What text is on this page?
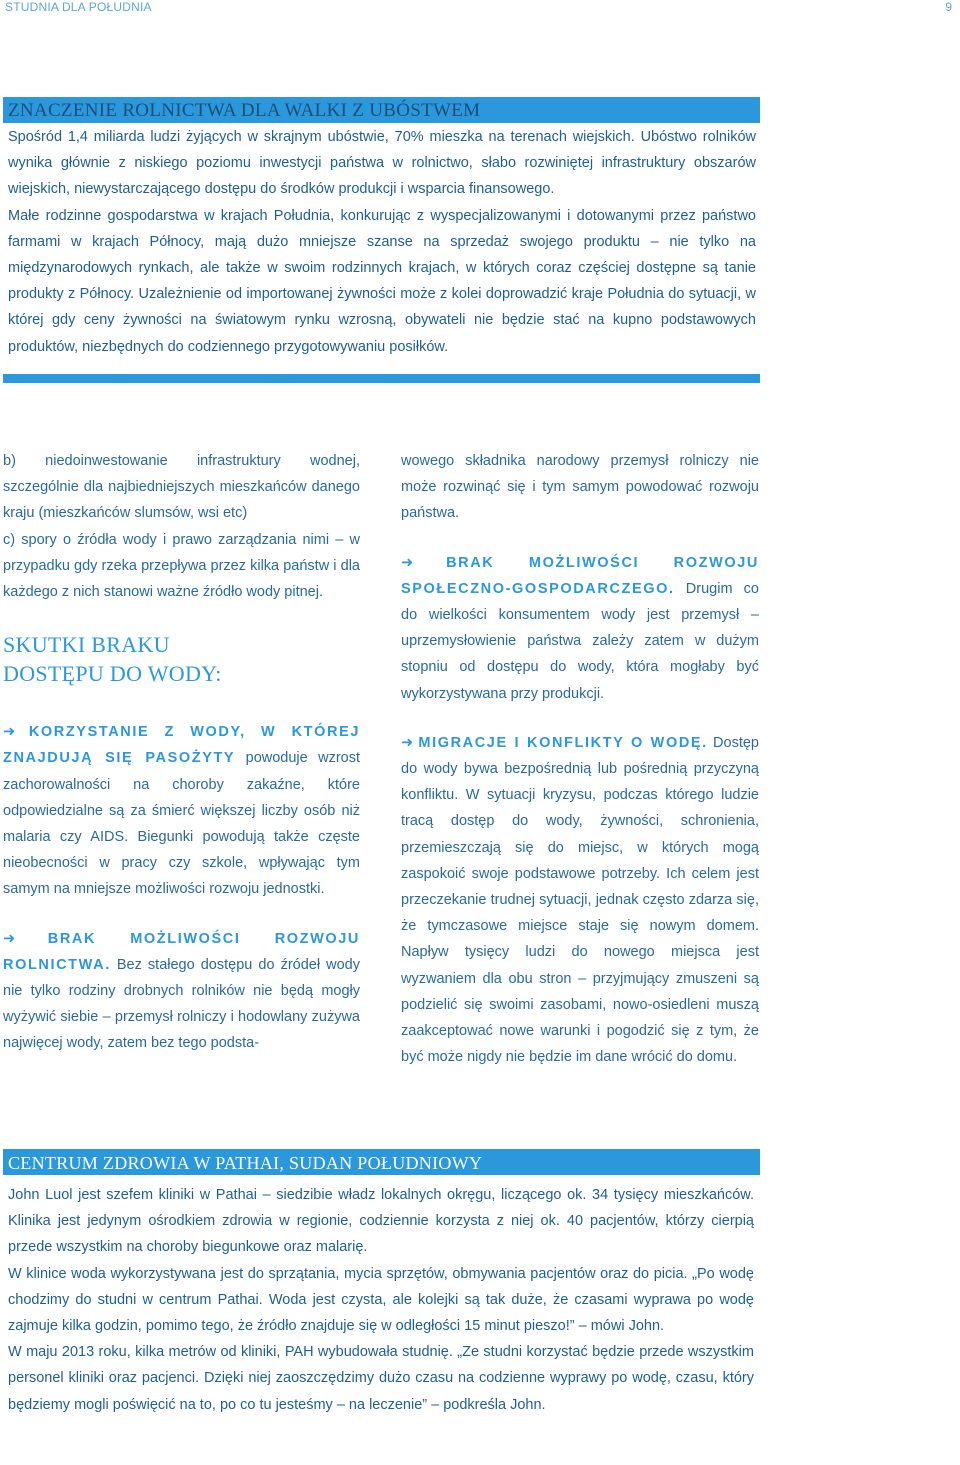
STUDNIA DLA POŁUDNIA	9
ZNACZENIE ROLNICTWA DLA WALKI Z UBÓSTWEM

Spośród 1,4 miliarda ludzi żyjących w skrajnym ubóstwie, 70% mieszka na terenach wiejskich. Ubóstwo rolników wynika głównie z niskiego poziomu inwestycji państwa w rolnictwo, słabo rozwiniętej infrastruktury obszarów wiejskich, niewystarczającego dostępu do środków produkcji i wsparcia finansowego.

Małe rodzinne gospodarstwa w krajach Południa, konkurując z wyspecjalizowanymi i dotowanymi przez państwo farmami w krajach Północy, mają dużo mniejsze szanse na sprzedaż swojego produktu – nie tylko na międzynarodowych rynkach, ale także w swoim rodzinnych krajach, w których coraz częściej dostępne są tanie produkty z Północy. Uzależnienie od importowanej żywności może z kolei doprowadzić kraje Południa do sytuacji, w której gdy ceny żywności na światowym rynku wzrosną, obywateli nie będzie stać na kupno podstawowych produktów, niezbędnych do codziennego przygotowywaniu posiłków.

b) niedoinwestowanie infrastruktury wodnej, szczególnie dla najbiedniejszych mieszkańców danego kraju (mieszkańców slumsów, wsi etc)

c) spory o źródła wody i prawo zarządzania nimi – w przypadku gdy rzeka przepływa przez kilka państw i dla każdego z nich stanowi ważne źródło wody pitnej.

SKUTKI BRAKU
DOSTĘPU DO WODY:

➜ KORZYSTANIE Z WODY, W KTÓREJ ZNAJDUJĄ SIĘ PASOŻYTY powoduje wzrost zachorowalności na choroby zakaźne, które odpowiedzialne są za śmierć większej liczby osób niż malaria czy AIDS. Biegunki powodują także częste nieobecności w pracy czy szkole, wpływając tym samym na mniejsze możliwości rozwoju jednostki.

➜ BRAK MOŻLIWOŚCI ROZWOJU ROLNICTWA. Bez stałego dostępu do źródeł wody nie tylko rodziny drobnych rolników nie będą mogły wyżywić siebie – przemysł rolniczy i hodowlany zużywa najwięcej wody, zatem bez tego podsta-

wowego składnika narodowy przemysł rolniczy nie może rozwinąć się i tym samym powodować rozwoju państwa.

➜ BRAK MOŻLIWOŚCI ROZWOJU SPOŁECZNO-GOSPODARCZEGO. Drugim co do wielkości konsumentem wody jest przemysł – uprzemysłowienie państwa zależy zatem w dużym stopniu od dostępu do wody, która mogłaby być wykorzystywana przy produkcji.

➜ MIGRACJE I KONFLIKTY O WODĘ. Dostęp do wody bywa bezpośrednią lub pośrednią przyczyną konfliktu. W sytuacji kryzysu, podczas którego ludzie tracą dostęp do wody, żywności, schronienia, przemieszczają się do miejsc, w których mogą zaspokoić swoje podstawowe potrzeby. Ich celem jest przeczekanie trudnej sytuacji, jednak często zdarza się, że tymczasowe miejsce staje się nowym domem. Napływ tysięcy ludzi do nowego miejsca jest wyzwaniem dla obu stron – przyjmujący zmuszeni są podzielić się swoimi zasobami, nowo-osiedleni muszą zaakceptować nowe warunki i pogodzić się z tym, że być może nigdy nie będzie im dane wrócić do domu.

CENTRUM ZDROWIA W PATHAI, SUDAN POŁUDNIOWY

John Luol jest szefem kliniki w Pathai – siedzibie władz lokalnych okręgu, liczącego ok. 34 tysięcy mieszkańców. Klinika jest jedynym ośrodkiem zdrowia w regionie, codziennie korzysta z niej ok. 40 pacjentów, którzy cierpią przede wszystkim na choroby biegunkowe oraz malarię.

W klinice woda wykorzystywana jest do sprzątania, mycia sprzętów, obmywania pacjentów oraz do picia. „Po wodę chodzimy do studni w centrum Pathai. Woda jest czysta, ale kolejki są tak duże, że czasami wyprawa po wodę zajmuje kilka godzin, pomimo tego, że źródło znajduje się w odległości 15 minut pieszo!” – mówi John.

W maju 2013 roku, kilka metrów od kliniki, PAH wybudowała studnię. „Ze studni korzystać będzie przede wszystkim personel kliniki oraz pacjenci. Dzięki niej zaoszczędzimy dużo czasu na codzienne wyprawy po wodę, czasu, który będziemy mogli poświęcić na to, po co tu jesteśmy – na leczenie” – podkreśla John.
